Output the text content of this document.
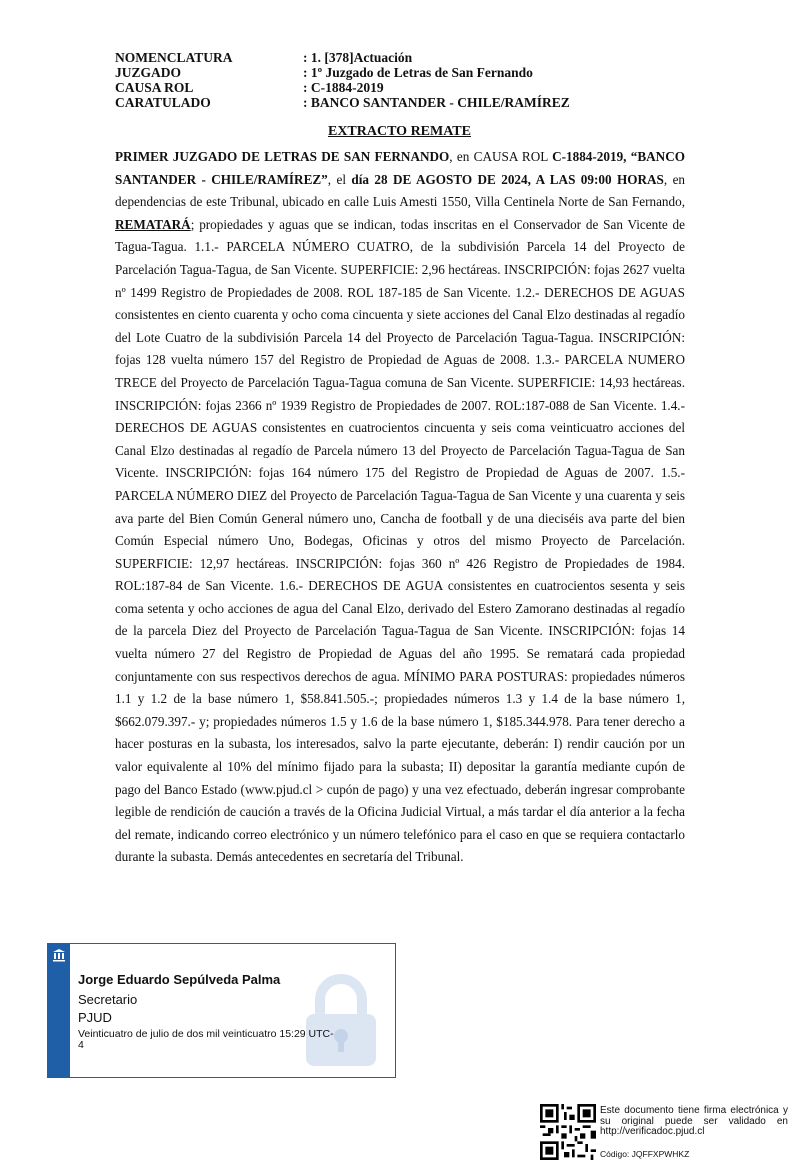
NOMENCLATURA	: 1. [378]Actuación
JUZGADO	: 1º Juzgado de Letras de San Fernando
CAUSA ROL	: C-1884-2019
CARATULADO	: BANCO SANTANDER - CHILE/RAMÍREZ
EXTRACTO REMATE
PRIMER JUZGADO DE LETRAS DE SAN FERNANDO, en CAUSA ROL C-1884-2019, “BANCO SANTANDER - CHILE/RAMÍREZ”, el día 28 DE AGOSTO DE 2024, A LAS 09:00 HORAS, en dependencias de este Tribunal, ubicado en calle Luis Amesti 1550, Villa Centinela Norte de San Fernando, REMATARÁ; propiedades y aguas que se indican, todas inscritas en el Conservador de San Vicente de Tagua-Tagua. 1.1.- PARCELA NÚMERO CUATRO, de la subdivisión Parcela 14 del Proyecto de Parcelación Tagua-Tagua, de San Vicente. SUPERFICIE: 2,96 hectáreas. INSCRIPCIÓN: fojas 2627 vuelta nº 1499 Registro de Propiedades de 2008. ROL 187-185 de San Vicente. 1.2.- DERECHOS DE AGUAS consistentes en ciento cuarenta y ocho coma cincuenta y siete acciones del Canal Elzo destinadas al regadío del Lote Cuatro de la subdivisión Parcela 14 del Proyecto de Parcelación Tagua-Tagua. INSCRIPCIÓN: fojas 128 vuelta número 157 del Registro de Propiedad de Aguas de 2008. 1.3.- PARCELA NUMERO TRECE del Proyecto de Parcelación Tagua-Tagua comuna de San Vicente. SUPERFICIE: 14,93 hectáreas. INSCRIPCIÓN: fojas 2366 nº 1939 Registro de Propiedades de 2007. ROL:187-088 de San Vicente. 1.4.- DERECHOS DE AGUAS consistentes en cuatrocientos cincuenta y seis coma veinticuatro acciones del Canal Elzo destinadas al regadío de Parcela número 13 del Proyecto de Parcelación Tagua-Tagua de San Vicente. INSCRIPCIÓN: fojas 164 número 175 del Registro de Propiedad de Aguas de 2007. 1.5.- PARCELA NÚMERO DIEZ del Proyecto de Parcelación Tagua-Tagua de San Vicente y una cuarenta y seis ava parte del Bien Común General número uno, Cancha de football y de una dieciséis ava parte del bien Común Especial número Uno, Bodegas, Oficinas y otros del mismo Proyecto de Parcelación. SUPERFICIE: 12,97 hectáreas. INSCRIPCIÓN: fojas 360 nº 426 Registro de Propiedades de 1984. ROL:187-84 de San Vicente. 1.6.- DERECHOS DE AGUA consistentes en cuatrocientos sesenta y seis coma setenta y ocho acciones de agua del Canal Elzo, derivado del Estero Zamorano destinadas al regadío de la parcela Diez del Proyecto de Parcelación Tagua-Tagua de San Vicente. INSCRIPCIÓN: fojas 14 vuelta número 27 del Registro de Propiedad de Aguas del año 1995. Se rematará cada propiedad conjuntamente con sus respectivos derechos de agua. MÍNIMO PARA POSTURAS: propiedades números 1.1 y 1.2 de la base número 1, $58.841.505.-; propiedades números 1.3 y 1.4 de la base número 1, $662.079.397.- y; propiedades números 1.5 y 1.6 de la base número 1, $185.344.978. Para tener derecho a hacer posturas en la subasta, los interesados, salvo la parte ejecutante, deberán: I) rendir caución por un valor equivalente al 10% del mínimo fijado para la subasta; II) depositar la garantía mediante cupón de pago del Banco Estado (www.pjud.cl > cupón de pago) y una vez efectuado, deberán ingresar comprobante legible de rendición de caución a través de la Oficina Judicial Virtual, a más tardar el día anterior a la fecha del remate, indicando correo electrónico y un número telefónico para el caso en que se requiera contactarlo durante la subasta. Demás antecedentes en secretaría del Tribunal.
Jorge Eduardo Sepúlveda Palma
Secretario
PJUD
Veinticuatro de julio de dos mil veinticuatro 15:29 UTC-4
Este documento tiene firma electrónica y su original puede ser validado en http://verificadoc.pjud.cl
Código: JQFFXPWHKZ
